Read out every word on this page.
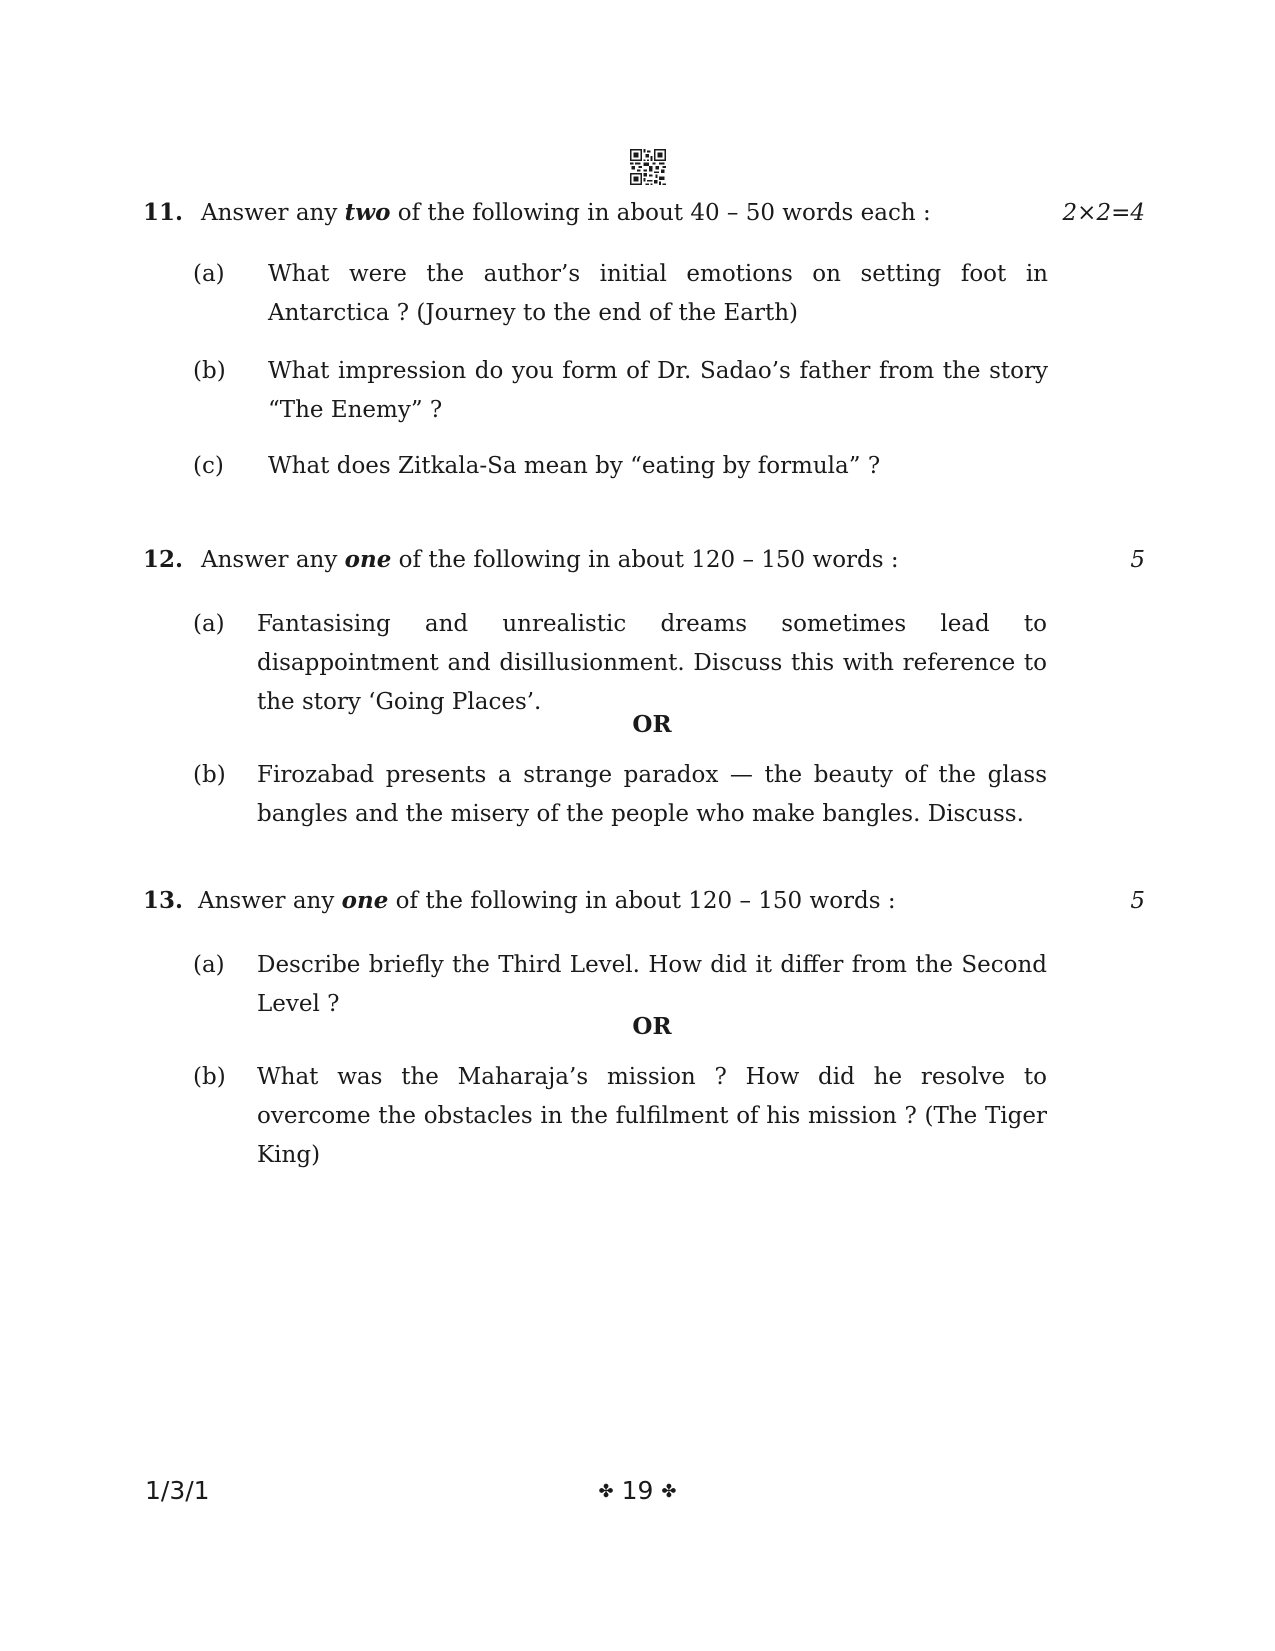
11. Answer any two of the following in about 40 – 50 words each :	2×2=4
(a) What were the author’s initial emotions on setting foot in Antarctica ? (Journey to the end of the Earth)
(b) What impression do you form of Dr. Sadao’s father from the story “The Enemy” ?
(c) What does Zitkala-Sa mean by “eating by formula” ?
12. Answer any one of the following in about 120 – 150 words :	5
(a) Fantasising and unrealistic dreams sometimes lead to disappointment and disillusionment. Discuss this with reference to the story ‘Going Places’.
OR
(b) Firozabad presents a strange paradox — the beauty of the glass bangles and the misery of the people who make bangles. Discuss.
13. Answer any one of the following in about 120 – 150 words :	5
(a) Describe briefly the Third Level. How did it differ from the Second Level ?
OR
(b) What was the Maharaja’s mission ? How did he resolve to overcome the obstacles in the fulfilment of his mission ? (The Tiger King)
1/3/1	✤ 19 ✤
